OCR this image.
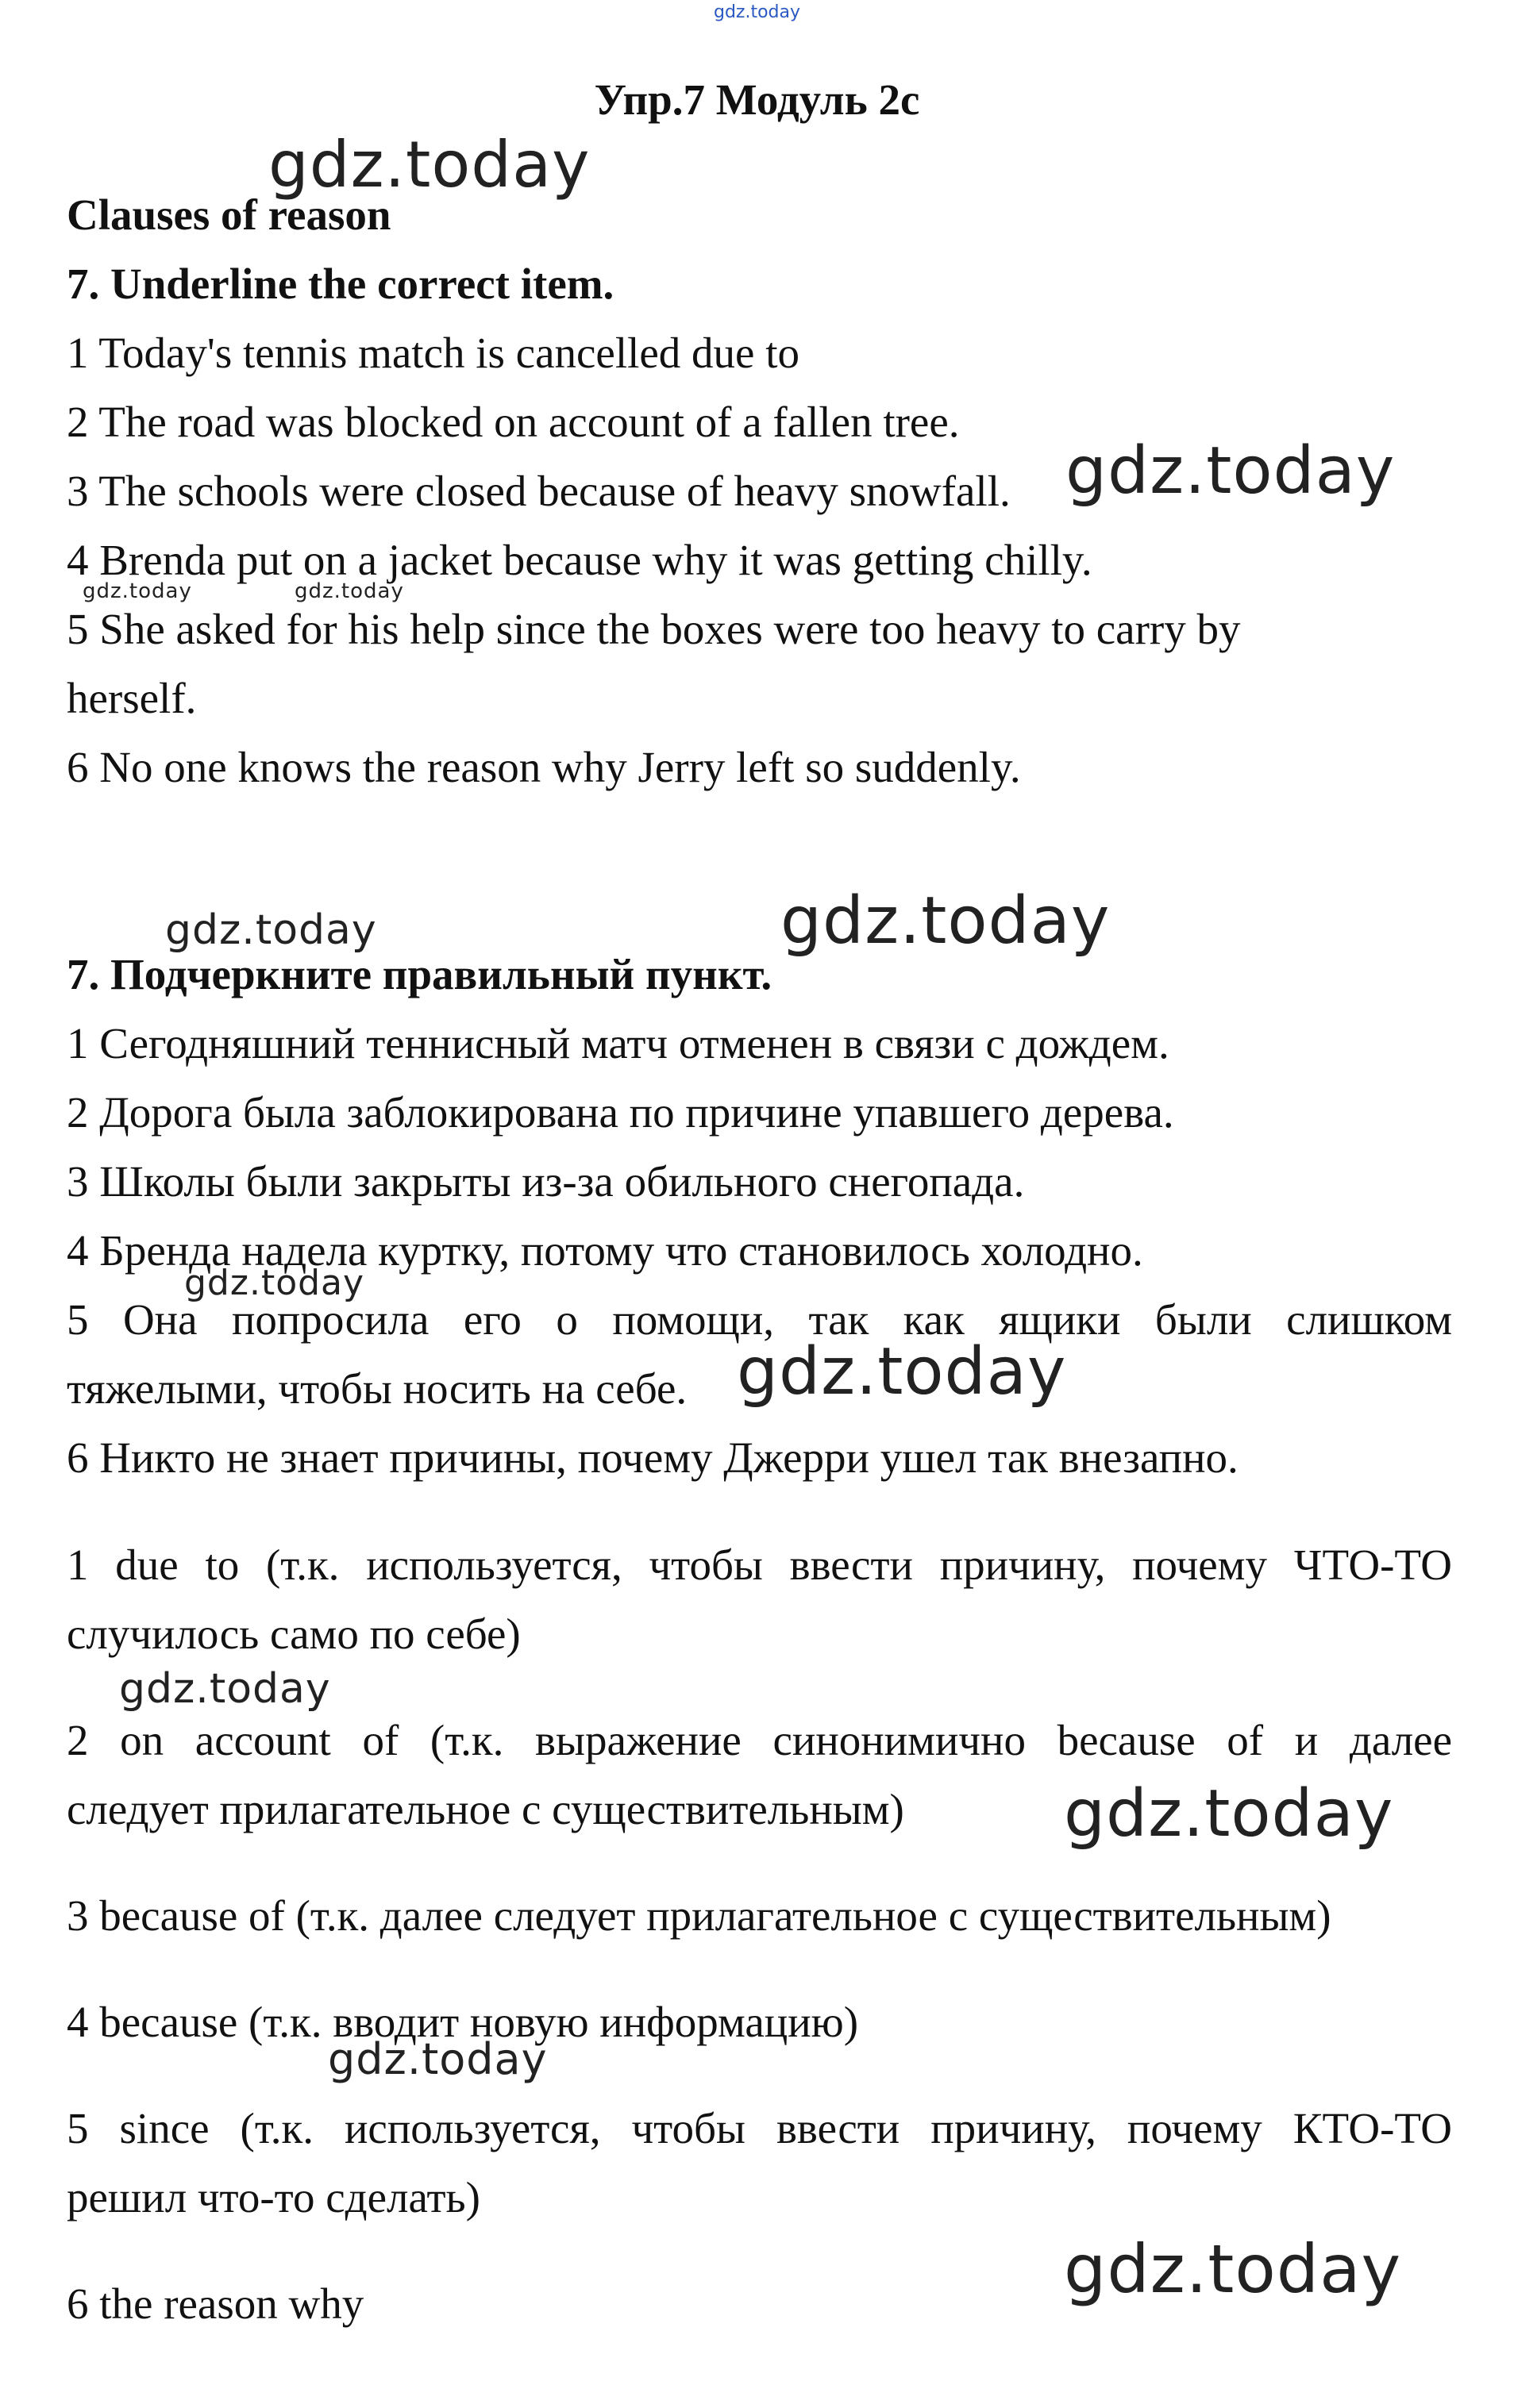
gdz.today
Упр.7 Модуль 2с
Clauses of reason
7. Underline the correct item.
1 Today's tennis match is cancelled due to
2 The road was blocked on account of a fallen tree.
3 The schools were closed because of heavy snowfall.
4 Brenda put on a jacket because why it was getting chilly.
5 She asked for his help since the boxes were too heavy to carry by
herself.
6 No one knows the reason why Jerry left so suddenly.
7. Подчеркните правильный пункт.
1 Сегодняшний теннисный матч отменен в связи с дождем.
2 Дорога была заблокирована по причине упавшего дерева.
3 Школы были закрыты из-за обильного снегопада.
4 Бренда надела куртку, потому что становилось холодно.
5 Она попросила его о помощи, так как ящики были слишком
тяжелыми, чтобы носить на себе.
6 Никто не знает причины, почему Джерри ушел так внезапно.
1 due to (т.к. используется, чтобы ввести причину, почему ЧТО-ТО
случилось само по себе)
2 on account of (т.к. выражение синонимично because of и далее
следует прилагательное с существительным)
3 because of (т.к. далее следует прилагательное с существительным)
4 because (т.к. вводит новую информацию)
5 since (т.к. используется, чтобы ввести причину, почему КТО-ТО
решил что-то сделать)
6 the reason why
gdz.today
gdz.today
gdz.today	gdz.today
gdz.today	gdz.today
gdz.today
gdz.today
gdz.today
gdz.today
gdz.today
gdz.today
